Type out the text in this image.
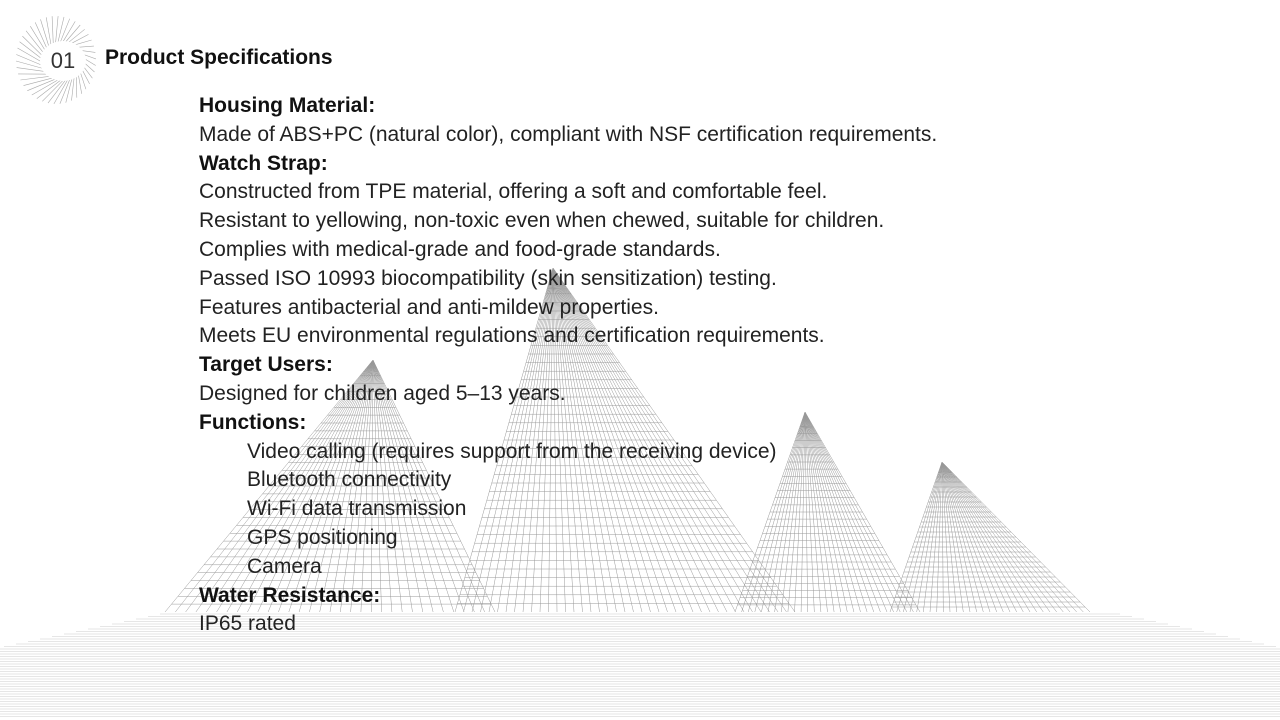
01	Product Specifications
Housing Material:
Made of ABS+PC (natural color), compliant with NSF certification requirements.
Watch Strap:
Constructed from TPE material, offering a soft and comfortable feel.
Resistant to yellowing, non-toxic even when chewed, suitable for children.
Complies with medical-grade and food-grade standards.
Passed ISO 10993 biocompatibility (skin sensitization) testing.
Features antibacterial and anti-mildew properties.
Meets EU environmental regulations and certification requirements.
Target Users:
Designed for children aged 5–13 years.
Functions:
Video calling (requires support from the receiving device)
Bluetooth connectivity
Wi-Fi data transmission
GPS positioning
Camera
Water Resistance:
IP65 rated
